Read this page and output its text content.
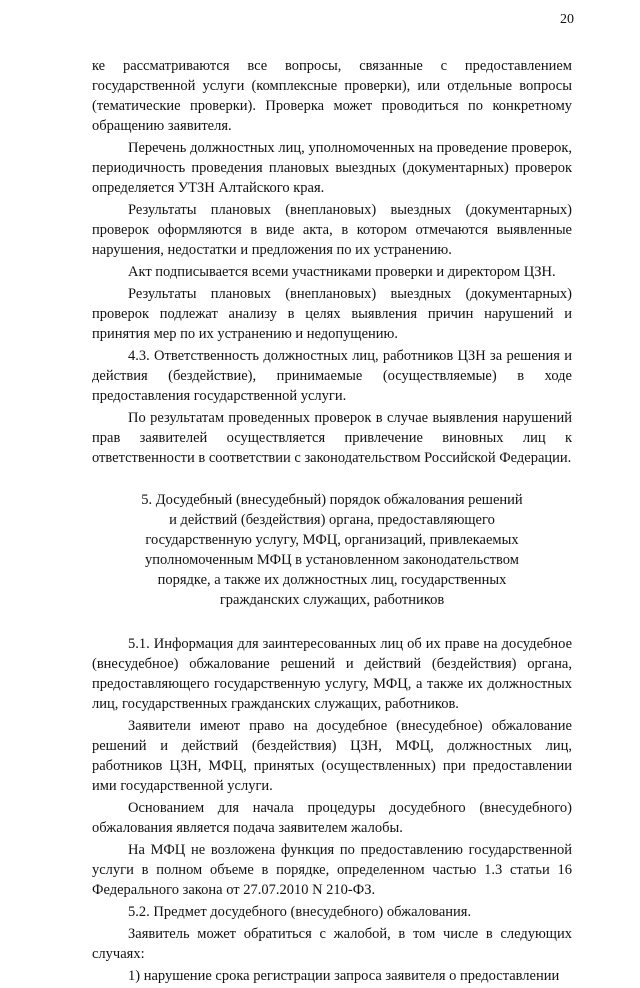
20

ке рассматриваются все вопросы, связанные с предоставлением государственной услуги (комплексные проверки), или отдельные вопросы (тематические проверки). Проверка может проводиться по конкретному обращению заявителя.

Перечень должностных лиц, уполномоченных на проведение проверок, периодичность проведения плановых выездных (документарных) проверок определяется УТЗН Алтайского края.

Результаты плановых (внеплановых) выездных (документарных) проверок оформляются в виде акта, в котором отмечаются выявленные нарушения, недостатки и предложения по их устранению.

Акт подписывается всеми участниками проверки и директором ЦЗН.

Результаты плановых (внеплановых) выездных (документарных) проверок подлежат анализу в целях выявления причин нарушений и принятия мер по их устранению и недопущению.

4.3. Ответственность должностных лиц, работников ЦЗН за решения и действия (бездействие), принимаемые (осуществляемые) в ходе предоставления государственной услуги.

По результатам проведенных проверок в случае выявления нарушений прав заявителей осуществляется привлечение виновных лиц к ответственности в соответствии с законодательством Российской Федерации.

5. Досудебный (внесудебный) порядок обжалования решений
и действий (бездействия) органа, предоставляющего
государственную услугу, МФЦ, организаций, привлекаемых
уполномоченным МФЦ в установленном законодательством
порядке, а также их должностных лиц, государственных
гражданских служащих, работников

5.1. Информация для заинтересованных лиц об их праве на досудебное (внесудебное) обжалование решений и действий (бездействия) органа, предоставляющего государственную услугу, МФЦ, а также их должностных лиц, государственных гражданских служащих, работников.

Заявители имеют право на досудебное (внесудебное) обжалование решений и действий (бездействия) ЦЗН, МФЦ, должностных лиц, работников ЦЗН, МФЦ, принятых (осуществленных) при предоставлении ими государственной услуги.

Основанием для начала процедуры досудебного (внесудебного) обжалования является подача заявителем жалобы.

На МФЦ не возложена функция по предоставлению государственной услуги в полном объеме в порядке, определенном частью 1.3 статьи 16 Федерального закона от 27.07.2010 N 210-ФЗ.

5.2. Предмет досудебного (внесудебного) обжалования.

Заявитель может обратиться с жалобой, в том числе в следующих случаях:

1) нарушение срока регистрации запроса заявителя о предоставлении
